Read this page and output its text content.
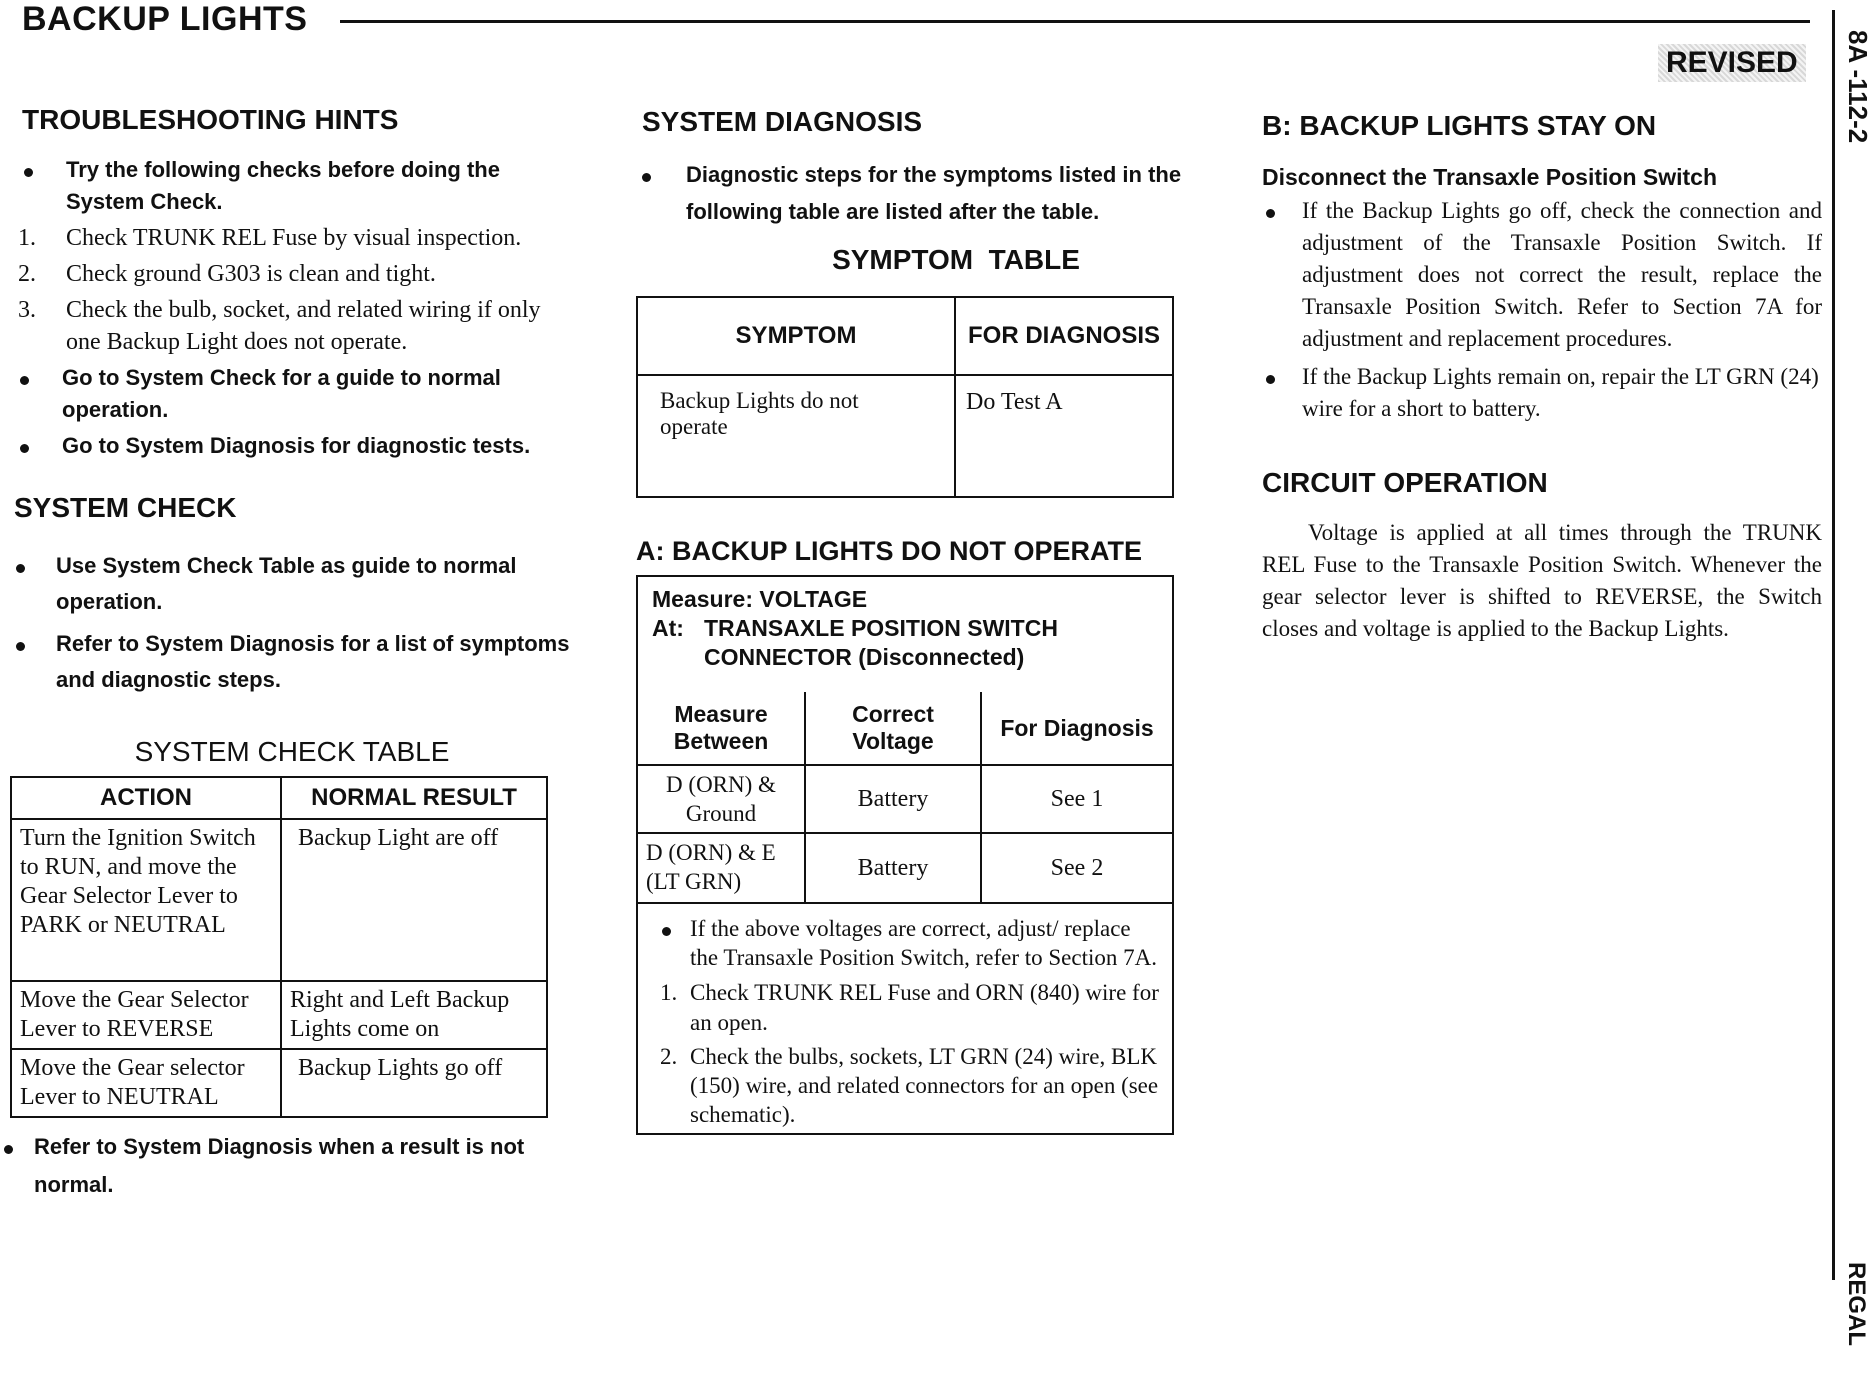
BACKUP LIGHTS
REVISED	8A -112-2
REGAL
TROUBLESHOOTING HINTS
Try the following checks before doing the System Check.
1. Check TRUNK REL Fuse by visual inspection.
2. Check ground G303 is clean and tight.
3. Check the bulb, socket, and related wiring if only one Backup Light does not operate.
Go to System Check for a guide to normal operation.
Go to System Diagnosis for diagnostic tests.
SYSTEM CHECK
Use System Check Table as guide to normal operation.
Refer to System Diagnosis for a list of symptoms and diagnostic steps.
SYSTEM CHECK TABLE
ACTION	NORMAL RESULT
Turn the Ignition Switch to RUN, and move the Gear Selector Lever to PARK or NEUTRAL	Backup Light are off
Move the Gear Selector Lever to REVERSE	Right and Left Backup Lights come on
Move the Gear selector Lever to NEUTRAL	Backup Lights go off
Refer to System Diagnosis when a result is not normal.
SYSTEM DIAGNOSIS
Diagnostic steps for the symptoms listed in the following table are listed after the table.
SYMPTOM  TABLE
SYMPTOM	FOR DIAGNOSIS
Backup Lights do not operate	Do Test A
A: BACKUP LIGHTS DO NOT OPERATE
Measure: VOLTAGE
At: TRANSAXLE POSITION SWITCH CONNECTOR (Disconnected)
Measure Between	Correct Voltage	For Diagnosis
D (ORN) & Ground	Battery	See 1
D (ORN) & E (LT GRN)	Battery	See 2
If the above voltages are correct, adjust/ replace the Transaxle Position Switch, refer to Section 7A.
1. Check TRUNK REL Fuse and ORN (840) wire for an open.
2. Check the bulbs, sockets, LT GRN (24) wire, BLK (150) wire, and related connectors for an open (see schematic).
B: BACKUP LIGHTS STAY ON
Disconnect the Transaxle Position Switch
If the Backup Lights go off, check the connection and adjustment of the Transaxle Position Switch. If adjustment does not correct the result, replace the Transaxle Position Switch. Refer to Section 7A for adjustment and replacement procedures.
If the Backup Lights remain on, repair the LT GRN (24) wire for a short to battery.
CIRCUIT OPERATION
Voltage is applied at all times through the TRUNK REL Fuse to the Transaxle Position Switch. Whenever the gear selector lever is shifted to REVERSE, the Switch closes and voltage is applied to the Backup Lights.
